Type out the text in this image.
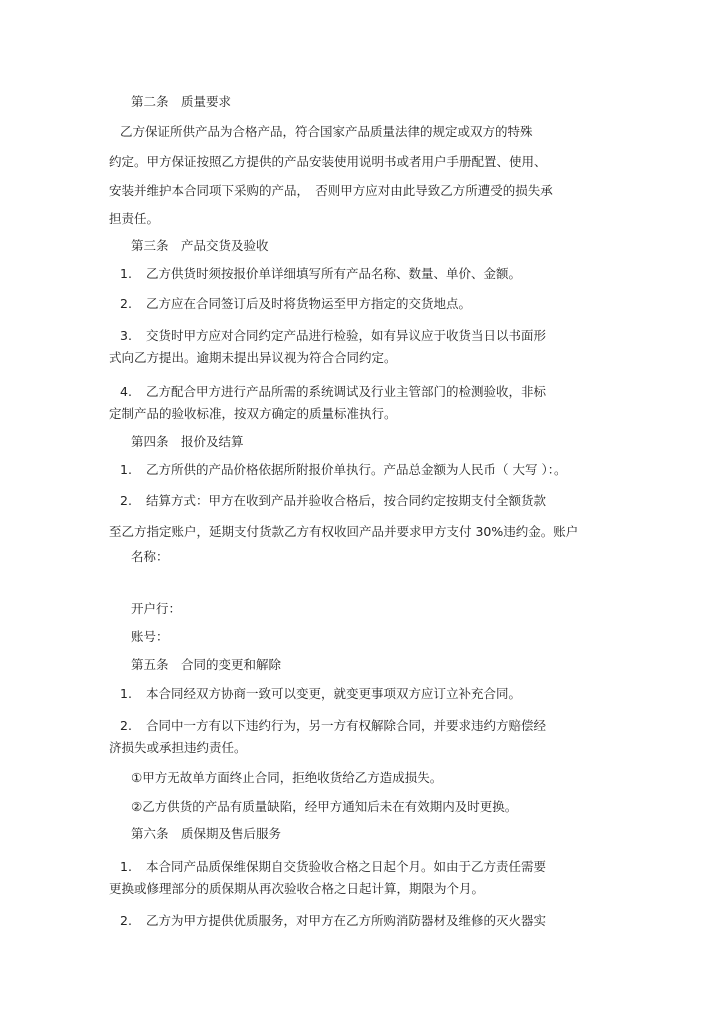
第二条　质量要求

乙方保证所供产品为合格产品，符合国家产品质量法律的规定或双方的特殊

约定。甲方保证按照乙方提供的产品安装使用说明书或者用户手册配置、使用、

安装并维护本合同项下采购的产品，　否则甲方应对由此导致乙方所遭受的损失承

担责任。

第三条　产品交货及验收

1. 乙方供货时须按报价单详细填写所有产品名称、数量、单价、金额。

2. 乙方应在合同签订后及时将货物运至甲方指定的交货地点。

3. 交货时甲方应对合同约定产品进行检验，如有异议应于收货当日以书面形

式向乙方提出。逾期未提出异议视为符合合同约定。

4. 乙方配合甲方进行产品所需的系统调试及行业主管部门的检测验收，非标

定制产品的验收标准，按双方确定的质量标准执行。

第四条　报价及结算

1. 乙方所供的产品价格依据所附报价单执行。产品总金额为人民币（ 大写 ）：。

2. 结算方式：甲方在收到产品并验收合格后，按合同约定按期支付全额货款

至乙方指定账户，延期支付货款乙方有权收回产品并要求甲方支付 30%违约金。账户

名称：

开户行：

账号：

第五条　合同的变更和解除

1. 本合同经双方协商一致可以变更，就变更事项双方应订立补充合同。

2. 合同中一方有以下违约行为，另一方有权解除合同，并要求违约方赔偿经

济损失或承担违约责任。

①甲方无故单方面终止合同，拒绝收货给乙方造成损失。

②乙方供货的产品有质量缺陷，经甲方通知后未在有效期内及时更换。

第六条　质保期及售后服务

1. 本合同产品质保维保期自交货验收合格之日起个月。如由于乙方责任需要

更换或修理部分的质保期从再次验收合格之日起计算，期限为个月。

2. 乙方为甲方提供优质服务，对甲方在乙方所购消防器材及维修的灭火器实
